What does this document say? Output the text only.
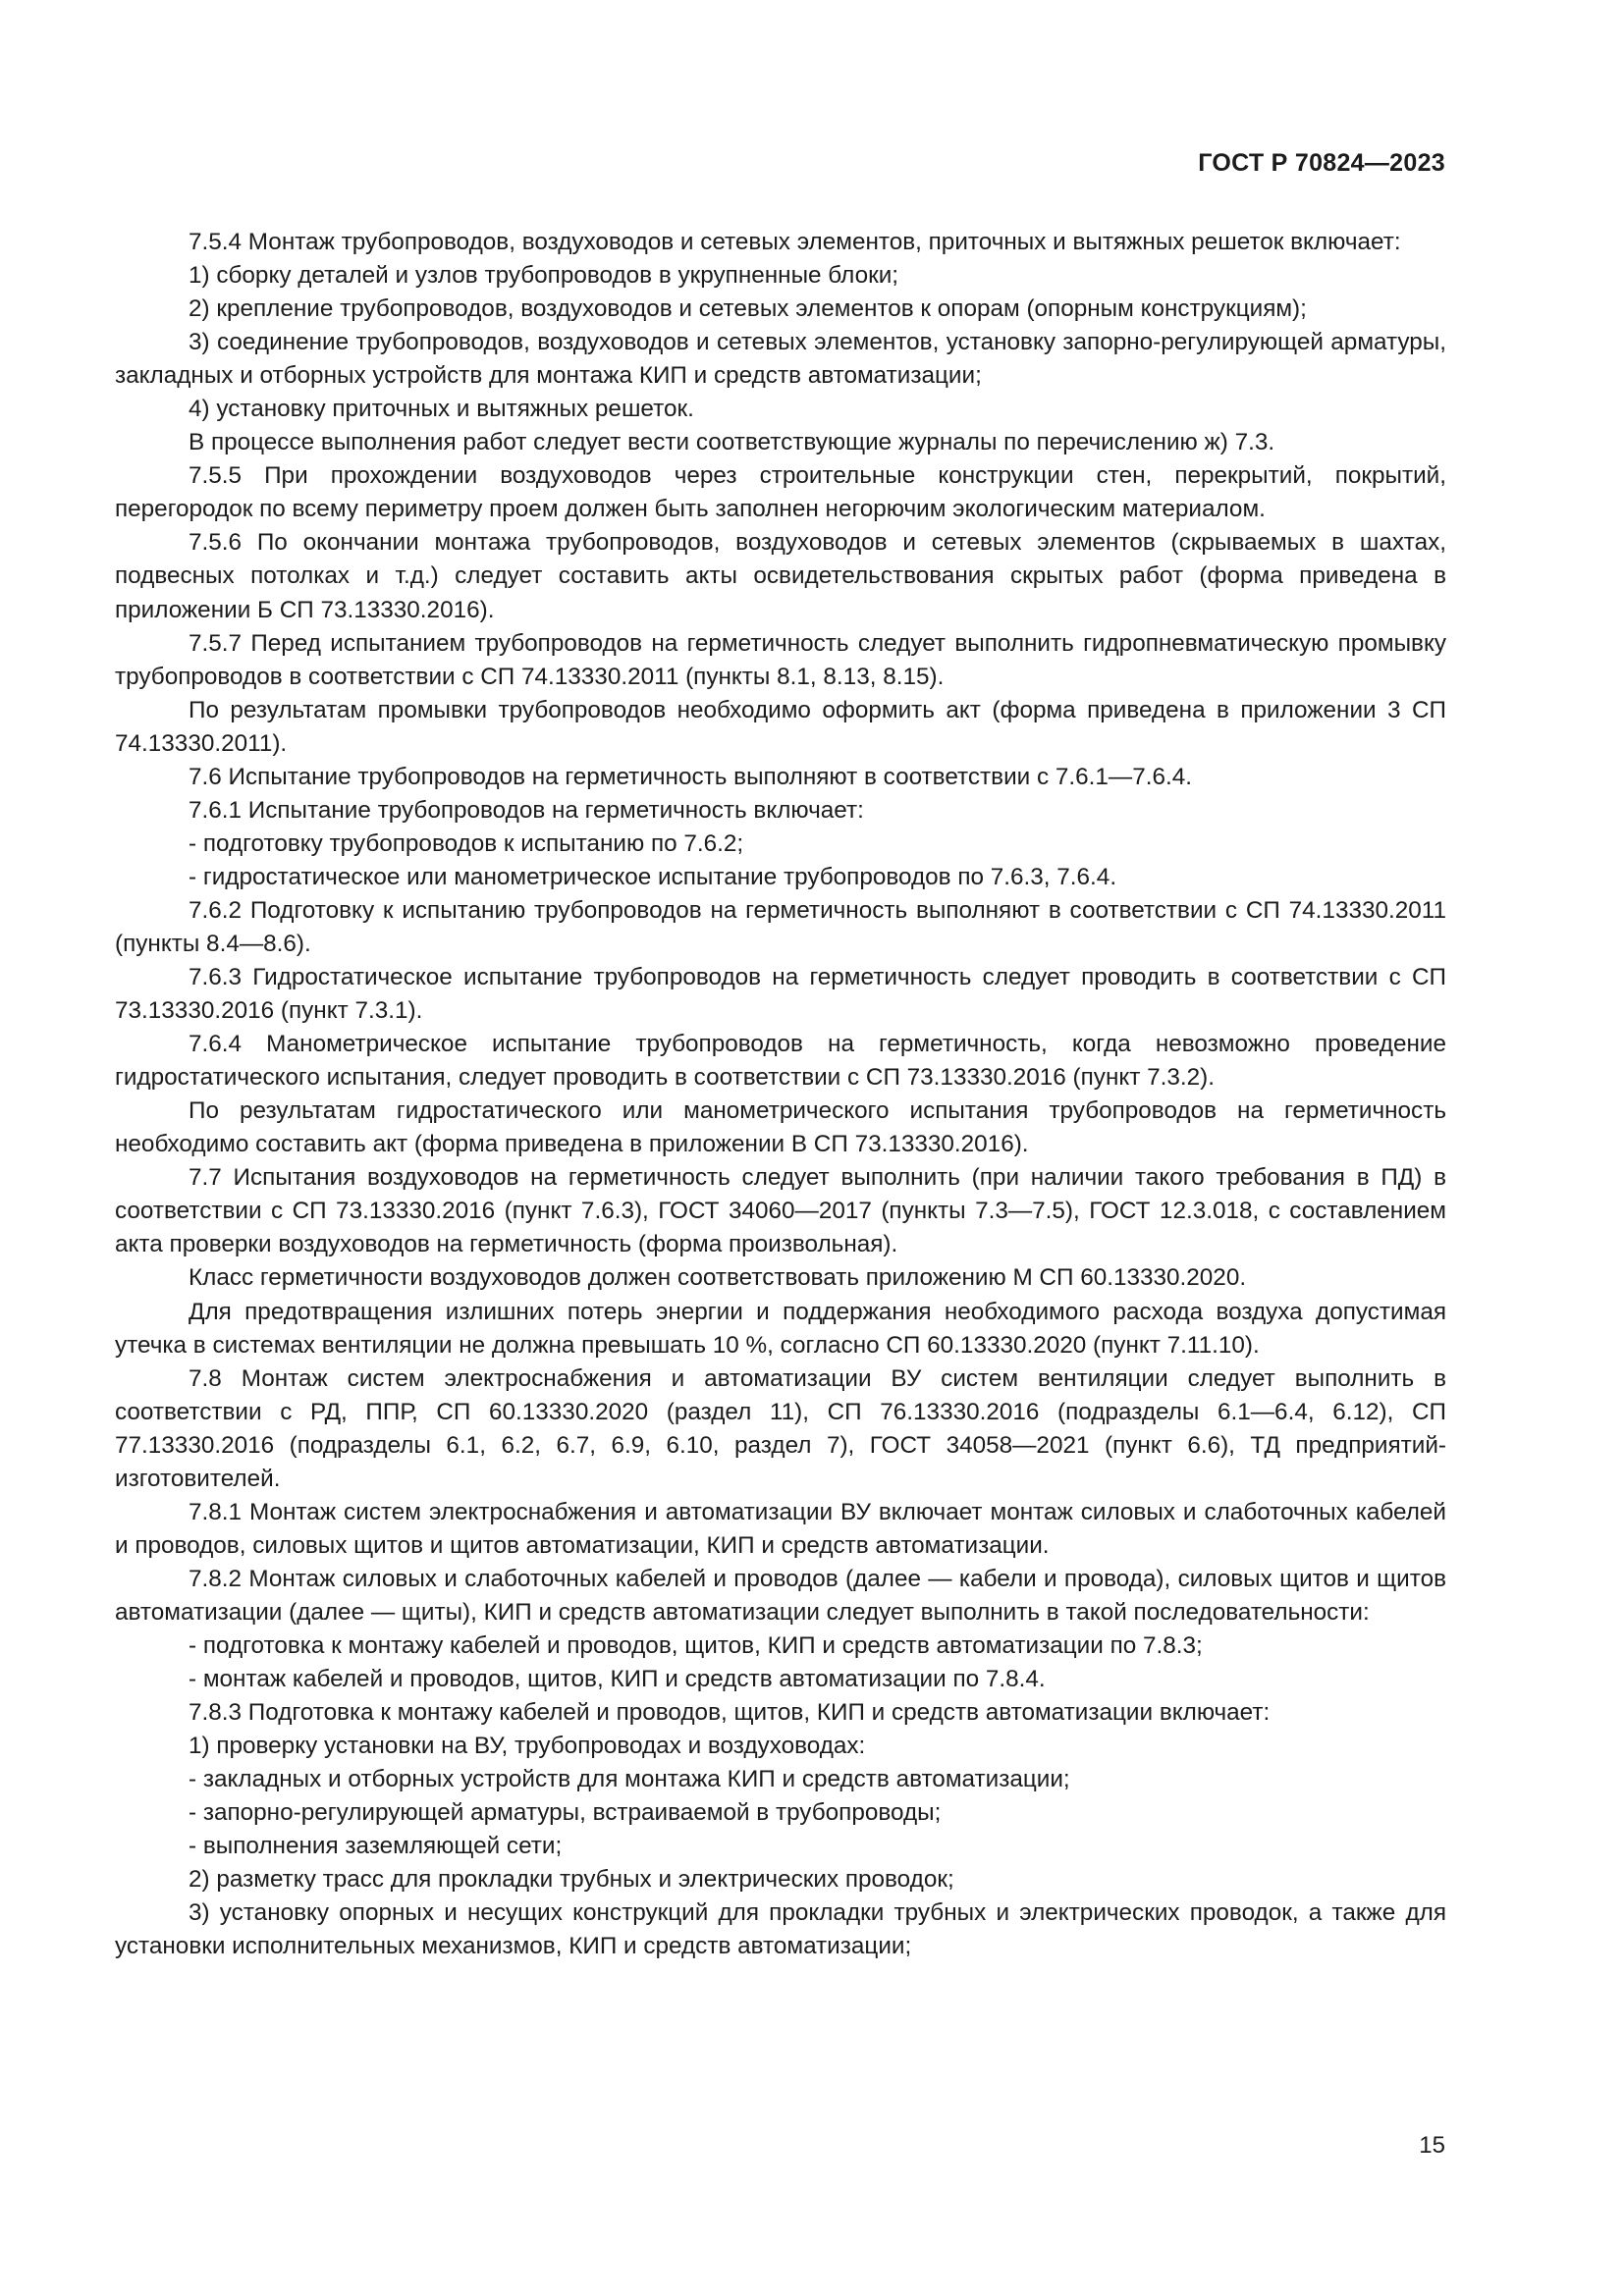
ГОСТ Р 70824—2023

7.5.4 Монтаж трубопроводов, воздуховодов и сетевых элементов, приточных и вытяжных решеток включает:

1) сборку деталей и узлов трубопроводов в укрупненные блоки;

2) крепление трубопроводов, воздуховодов и сетевых элементов к опорам (опорным конструкциям);

3) соединение трубопроводов, воздуховодов и сетевых элементов, установку запорно-регулирующей арматуры, закладных и отборных устройств для монтажа КИП и средств автоматизации;

4) установку приточных и вытяжных решеток.

В процессе выполнения работ следует вести соответствующие журналы по перечислению ж) 7.3.

7.5.5 При прохождении воздуховодов через строительные конструкции стен, перекрытий, покрытий, перегородок по всему периметру проем должен быть заполнен негорючим экологическим материалом.

7.5.6 По окончании монтажа трубопроводов, воздуховодов и сетевых элементов (скрываемых в шахтах, подвесных потолках и т.д.) следует составить акты освидетельствования скрытых работ (форма приведена в приложении Б СП 73.13330.2016).

7.5.7 Перед испытанием трубопроводов на герметичность следует выполнить гидропневматическую промывку трубопроводов в соответствии с СП 74.13330.2011 (пункты 8.1, 8.13, 8.15).

По результатам промывки трубопроводов необходимо оформить акт (форма приведена в приложении 3 СП 74.13330.2011).

7.6 Испытание трубопроводов на герметичность выполняют в соответствии с 7.6.1—7.6.4.

7.6.1 Испытание трубопроводов на герметичность включает:

- подготовку трубопроводов к испытанию по 7.6.2;

- гидростатическое или манометрическое испытание трубопроводов по 7.6.3, 7.6.4.

7.6.2 Подготовку к испытанию трубопроводов на герметичность выполняют в соответствии с СП 74.13330.2011 (пункты 8.4—8.6).

7.6.3 Гидростатическое испытание трубопроводов на герметичность следует проводить в соответствии с СП 73.13330.2016 (пункт 7.3.1).

7.6.4 Манометрическое испытание трубопроводов на герметичность, когда невозможно проведение гидростатического испытания, следует проводить в соответствии с СП 73.13330.2016 (пункт 7.3.2).

По результатам гидростатического или манометрического испытания трубопроводов на герметичность необходимо составить акт (форма приведена в приложении В СП 73.13330.2016).

7.7 Испытания воздуховодов на герметичность следует выполнить (при наличии такого требования в ПД) в соответствии с СП 73.13330.2016 (пункт 7.6.3), ГОСТ 34060—2017 (пункты 7.3—7.5), ГОСТ 12.3.018, с составлением акта проверки воздуховодов на герметичность (форма произвольная).

Класс герметичности воздуховодов должен соответствовать приложению М СП 60.13330.2020.

Для предотвращения излишних потерь энергии и поддержания необходимого расхода воздуха допустимая утечка в системах вентиляции не должна превышать 10 %, согласно СП 60.13330.2020 (пункт 7.11.10).

7.8 Монтаж систем электроснабжения и автоматизации ВУ систем вентиляции следует выполнить в соответствии с РД, ППР, СП 60.13330.2020 (раздел 11), СП 76.13330.2016 (подразделы 6.1—6.4, 6.12), СП 77.13330.2016 (подразделы 6.1, 6.2, 6.7, 6.9, 6.10, раздел 7), ГОСТ 34058—2021 (пункт 6.6), ТД предприятий-изготовителей.

7.8.1 Монтаж систем электроснабжения и автоматизации ВУ включает монтаж силовых и слаботочных кабелей и проводов, силовых щитов и щитов автоматизации, КИП и средств автоматизации.

7.8.2 Монтаж силовых и слаботочных кабелей и проводов (далее — кабели и провода), силовых щитов и щитов автоматизации (далее — щиты), КИП и средств автоматизации следует выполнить в такой последовательности:

- подготовка к монтажу кабелей и проводов, щитов, КИП и средств автоматизации по 7.8.3;

- монтаж кабелей и проводов, щитов, КИП и средств автоматизации по 7.8.4.

7.8.3 Подготовка к монтажу кабелей и проводов, щитов, КИП и средств автоматизации включает:

1) проверку установки на ВУ, трубопроводах и воздуховодах:

- закладных и отборных устройств для монтажа КИП и средств автоматизации;

- запорно-регулирующей арматуры, встраиваемой в трубопроводы;

- выполнения заземляющей сети;

2) разметку трасс для прокладки трубных и электрических проводок;

3) установку опорных и несущих конструкций для прокладки трубных и электрических проводок, а также для установки исполнительных механизмов, КИП и средств автоматизации;

15
